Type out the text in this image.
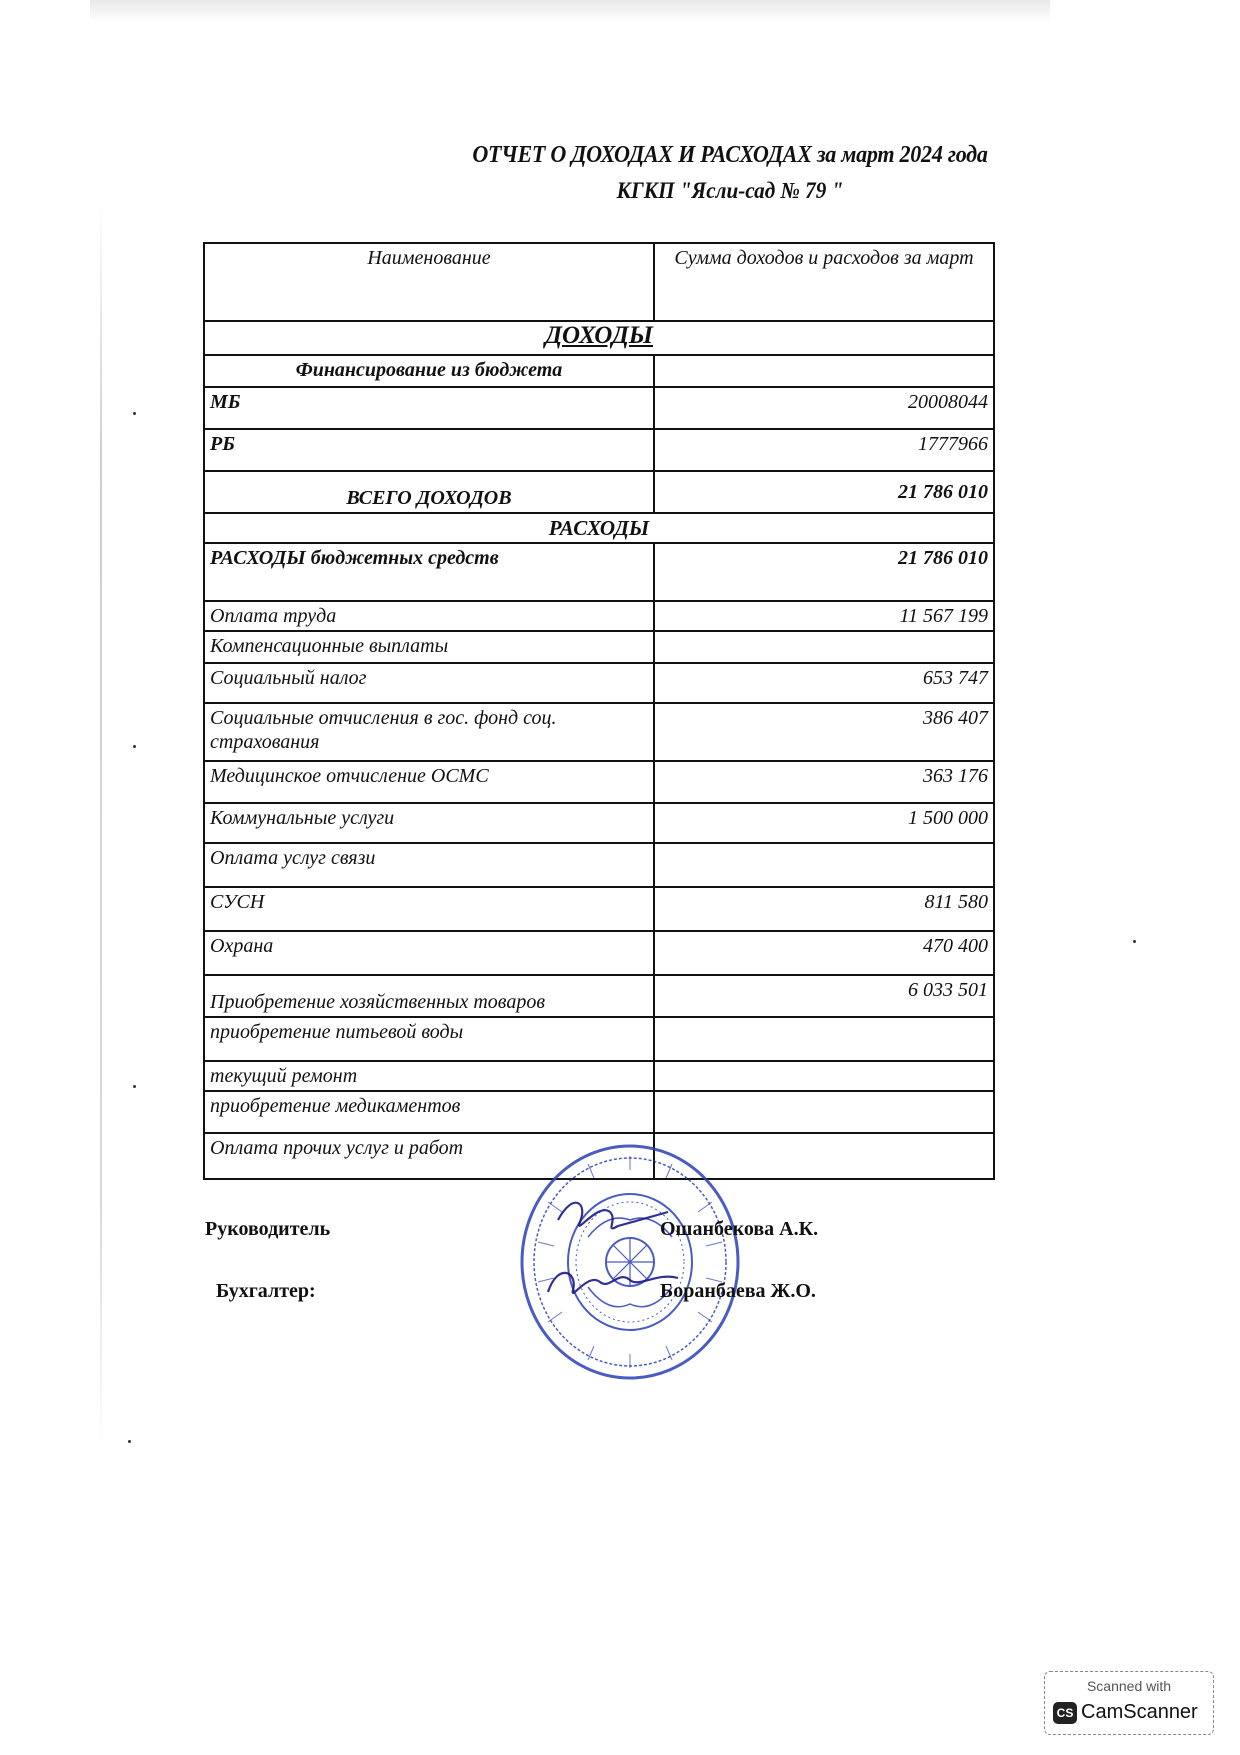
ОТЧЕТ О ДОХОДАХ И РАСХОДАХ за март 2024 года
КГКП "Ясли-сад № 79 "
Наименование	Сумма доходов и расходов за март
ДОХОДЫ	
Финансирование из бюджета	
МБ	20008044
РБ	1777966
ВСЕГО ДОХОДОВ	21 786 010
РАСХОДЫ	
РАСХОДЫ бюджетных средств	21 786 010
Оплата труда	11 567 199
Компенсационные выплаты	
Социальный налог	653 747
Социальные отчисления в гос. фонд соц. страхования	386 407
Медицинское отчисление ОСМС	363 176
Коммунальные услуги	1 500 000
Оплата услуг связи	
СУСН	811 580
Охрана	470 400
Приобретение хозяйственных товаров	6 033 501
приобретение питьевой воды	
текущий ремонт	
приобретение медикаментов	
Оплата прочих услуг и работ	
Руководитель	Ошанбекова А.К.
Бухгалтер:	Боранбаева Ж.О.
Scanned with
CS CamScanner
